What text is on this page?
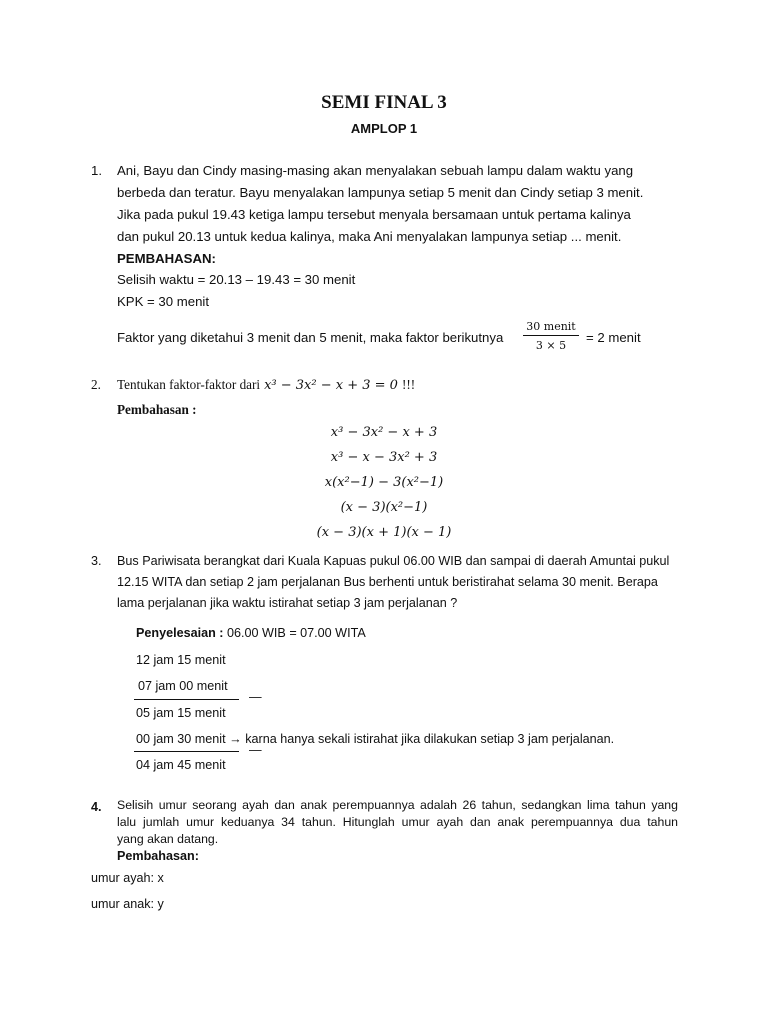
SEMI FINAL 3
AMPLOP 1
1. Ani, Bayu dan Cindy masing-masing akan menyalakan sebuah lampu dalam waktu yang
berbeda dan teratur. Bayu menyalakan lampunya setiap 5 menit dan Cindy setiap 3 menit.
Jika pada pukul 19.43 ketiga lampu tersebut menyala bersamaan untuk pertama kalinya
dan pukul 20.13 untuk kedua kalinya, maka Ani menyalakan lampunya setiap ... menit.
PEMBAHASAN:
Selisih waktu = 20.13 – 19.43 = 30 menit
KPK = 30 menit
Faktor yang diketahui 3 menit dan 5 menit, maka faktor berikutnya
30 menit
3 × 5
= 2 menit
2. Tentukan faktor-faktor dari x³ − 3x² − x + 3 = 0 !!!
Pembahasan :
x³ − 3x² − x + 3
x³ − x − 3x² + 3
x(x²−1) − 3(x²−1)
(x − 3)(x²−1)
(x − 3)(x + 1)(x − 1)
3. Bus Pariwisata berangkat dari Kuala Kapuas pukul 06.00 WIB dan sampai di daerah Amuntai pukul
12.15 WITA dan setiap 2 jam perjalanan Bus berhenti untuk beristirahat selama 30 menit. Berapa
lama perjalanan jika waktu istirahat setiap 3 jam perjalanan ?
Penyelesaian : 06.00 WIB = 07.00 WITA
12 jam 15 menit
07 jam 00 menit
—
05 jam 15 menit
00 jam 30 menit → karna hanya sekali istirahat jika dilakukan setiap 3 jam perjalanan.
—
04 jam 45 menit
4. Selisih umur seorang ayah dan anak perempuannya adalah 26 tahun, sedangkan lima tahun yang
lalu jumlah umur keduanya 34 tahun. Hitunglah umur ayah dan anak perempuannya dua tahun
yang akan datang.
Pembahasan:
umur ayah: x
umur anak: y
